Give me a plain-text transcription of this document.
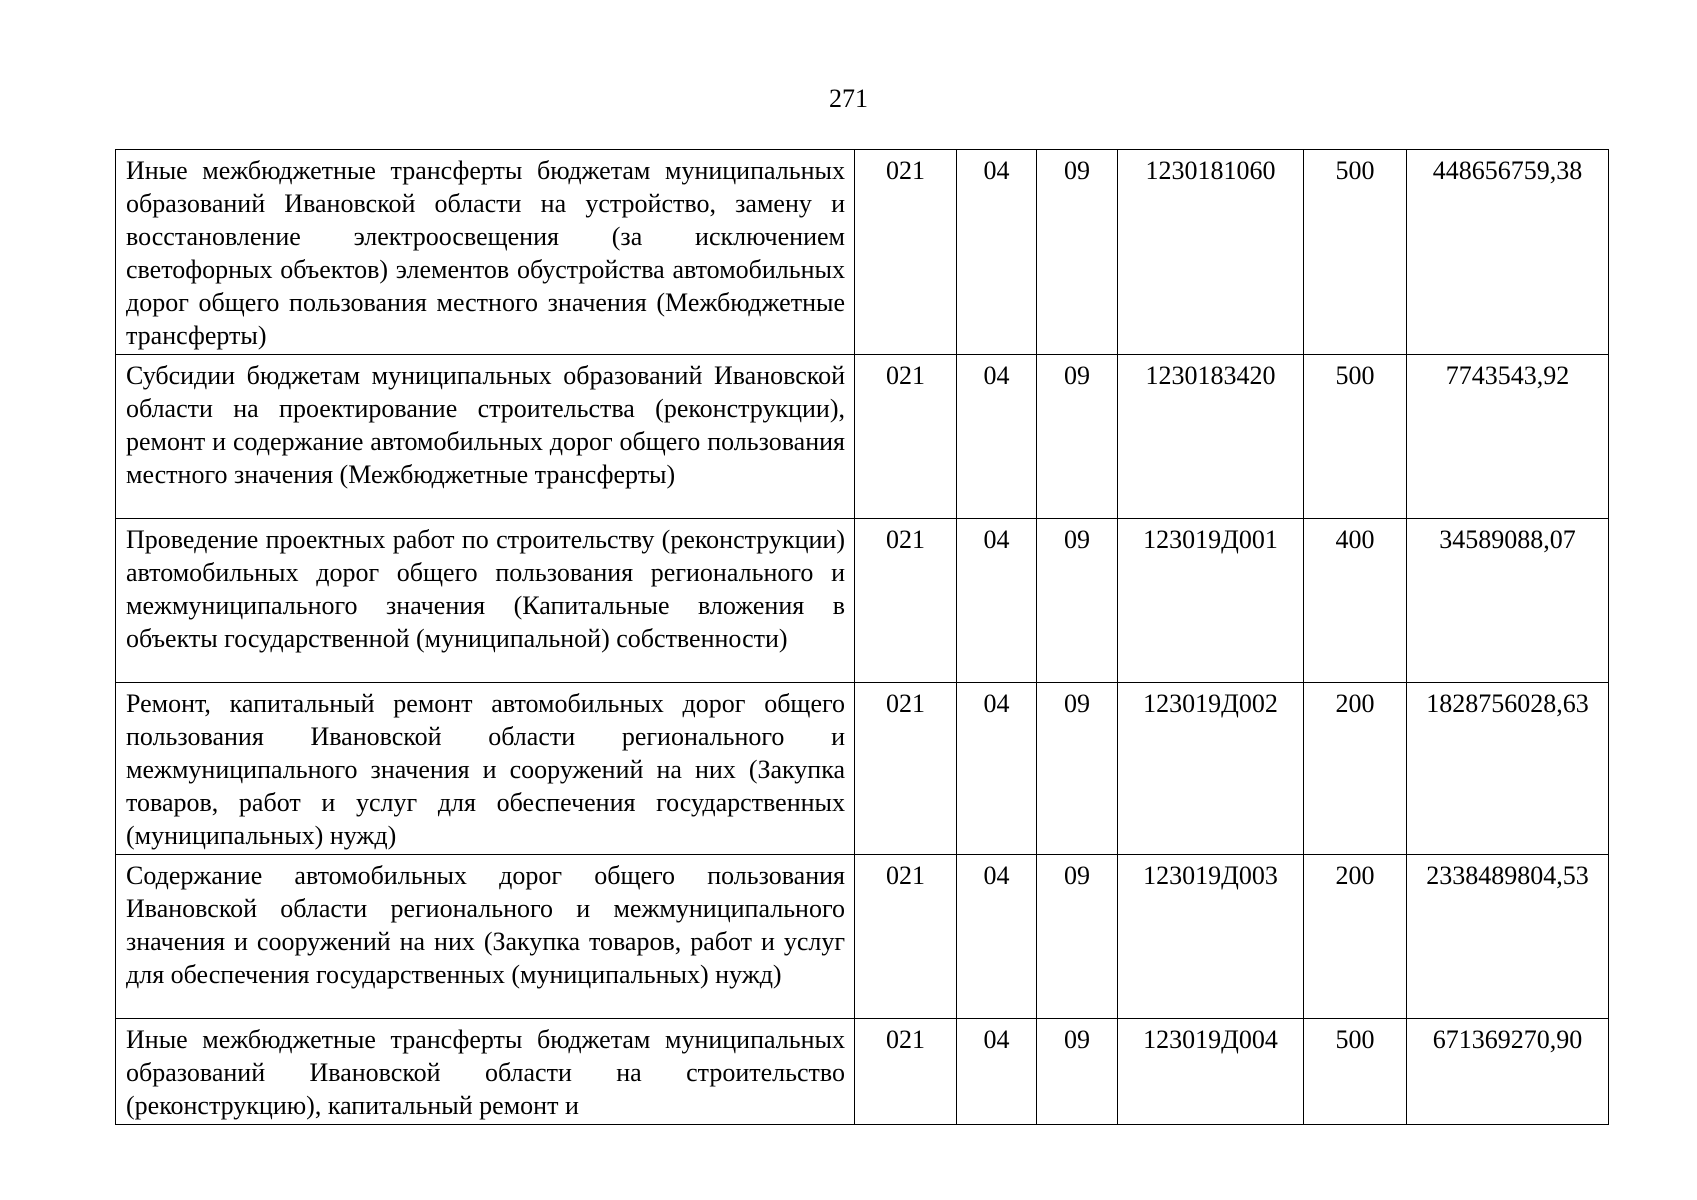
271
Иные межбюджетные трансферты бюджетам муниципальных образований Ивановской области на устройство, замену и восстановление электроосвещения (за исключением светофорных объектов) элементов обустройства автомобильных дорог общего пользования местного значения (Межбюджетные трансферты)	021	04	09	1230181060	500	448656759,38
Субсидии бюджетам муниципальных образований Ивановской области на проектирование строительства (реконструкции), ремонт и содержание автомобильных дорог общего пользования местного значения (Межбюджетные трансферты)	021	04	09	1230183420	500	7743543,92
Проведение проектных работ по строительству (реконструкции) автомобильных дорог общего пользования регионального и межмуниципального значения (Капитальные вложения в объекты государственной (муниципальной) собственности)	021	04	09	123019Д001	400	34589088,07
Ремонт, капитальный ремонт автомобильных дорог общего пользования Ивановской области регионального и межмуниципального значения и сооружений на них (Закупка товаров, работ и услуг для обеспечения государственных (муниципальных) нужд)	021	04	09	123019Д002	200	1828756028,63
Содержание автомобильных дорог общего пользования Ивановской области регионального и межмуниципального значения и сооружений на них (Закупка товаров, работ и услуг для обеспечения государственных (муниципальных) нужд)	021	04	09	123019Д003	200	2338489804,53
Иные межбюджетные трансферты бюджетам муниципальных образований Ивановской области на строительство (реконструкцию), капитальный ремонт и	021	04	09	123019Д004	500	671369270,90
